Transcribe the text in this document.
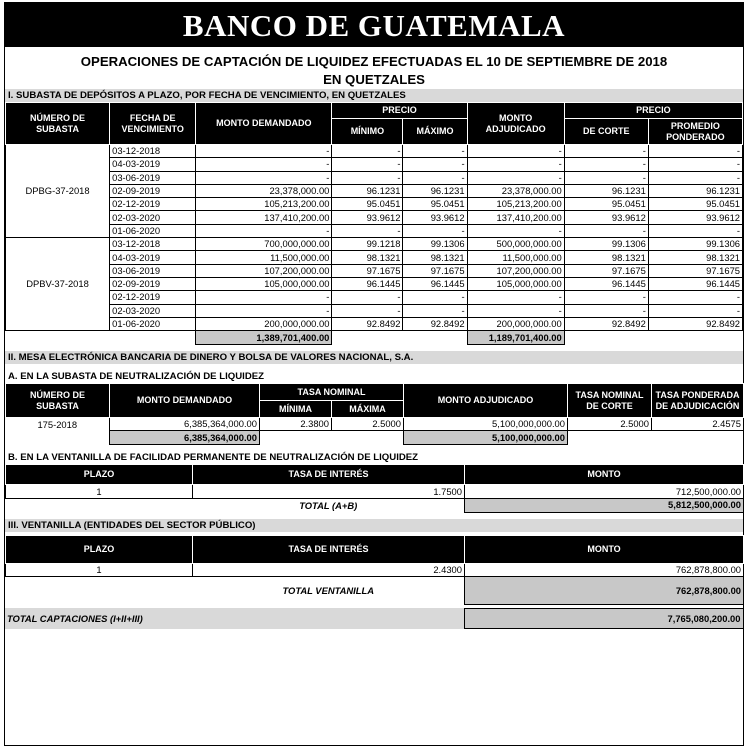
BANCO DE GUATEMALA
OPERACIONES DE CAPTACIÓN DE LIQUIDEZ EFECTUADAS EL 10 DE SEPTIEMBRE DE 2018
EN QUETZALES
I. SUBASTA DE DEPÓSITOS A PLAZO, POR FECHA DE VENCIMIENTO, EN QUETZALES
NÚMERO DE SUBASTA	FECHA DE VENCIMIENTO	MONTO DEMANDADO	PRECIO		MONTO ADJUDICADO	PRECIO	
			MÍNIMO	MÁXIMO		DE CORTE	PROMEDIO PONDERADO
DPBG-37-2018	03-12-2018	-	-	-	-	-	-
	04-03-2019	-	-	-	-	-	-
	03-06-2019	-	-	-	-	-	-
	02-09-2019	23,378,000.00	96.1231	96.1231	23,378,000.00	96.1231	96.1231
	02-12-2019	105,213,200.00	95.0451	95.0451	105,213,200.00	95.0451	95.0451
	02-03-2020	137,410,200.00	93.9612	93.9612	137,410,200.00	93.9612	93.9612
	01-06-2020	-	-	-	-	-	-
DPBV-37-2018	03-12-2018	700,000,000.00	99.1218	99.1306	500,000,000.00	99.1306	99.1306
	04-03-2019	11,500,000.00	98.1321	98.1321	11,500,000.00	98.1321	98.1321
	03-06-2019	107,200,000.00	97.1675	97.1675	107,200,000.00	97.1675	97.1675
	02-09-2019	105,000,000.00	96.1445	96.1445	105,000,000.00	96.1445	96.1445
	02-12-2019	-	-	-	-	-	-
	02-03-2020	-	-	-	-	-	-
	01-06-2020	200,000,000.00	92.8492	92.8492	200,000,000.00	92.8492	92.8492
		1,389,701,400.00			1,189,701,400.00		
II. MESA ELECTRÓNICA BANCARIA DE DINERO Y BOLSA DE VALORES NACIONAL, S.A.
A. EN LA SUBASTA DE NEUTRALIZACIÓN DE LIQUIDEZ
NÚMERO DE SUBASTA	MONTO DEMANDADO	TASA NOMINAL		MONTO ADJUDICADO	TASA NOMINAL DE CORTE	TASA PONDERADA DE ADJUDICACIÓN
		MÍNIMA	MÁXIMA			
175-2018	6,385,364,000.00	2.3800	2.5000	5,100,000,000.00	2.5000	2.4575
	6,385,364,000.00			5,100,000,000.00		
B. EN LA VENTANILLA DE FACILIDAD PERMANENTE DE NEUTRALIZACIÓN DE LIQUIDEZ
PLAZO	TASA DE INTERÉS	MONTO
1	1.7500	712,500,000.00
	TOTAL (A+B)	5,812,500,000.00
III. VENTANILLA (ENTIDADES DEL SECTOR PÚBLICO)
PLAZO	TASA DE INTERÉS	MONTO
1	2.4300	762,878,800.00
	TOTAL VENTANILLA	762,878,800.00
TOTAL CAPTACIONES (I+II+III)	7,765,080,200.00
